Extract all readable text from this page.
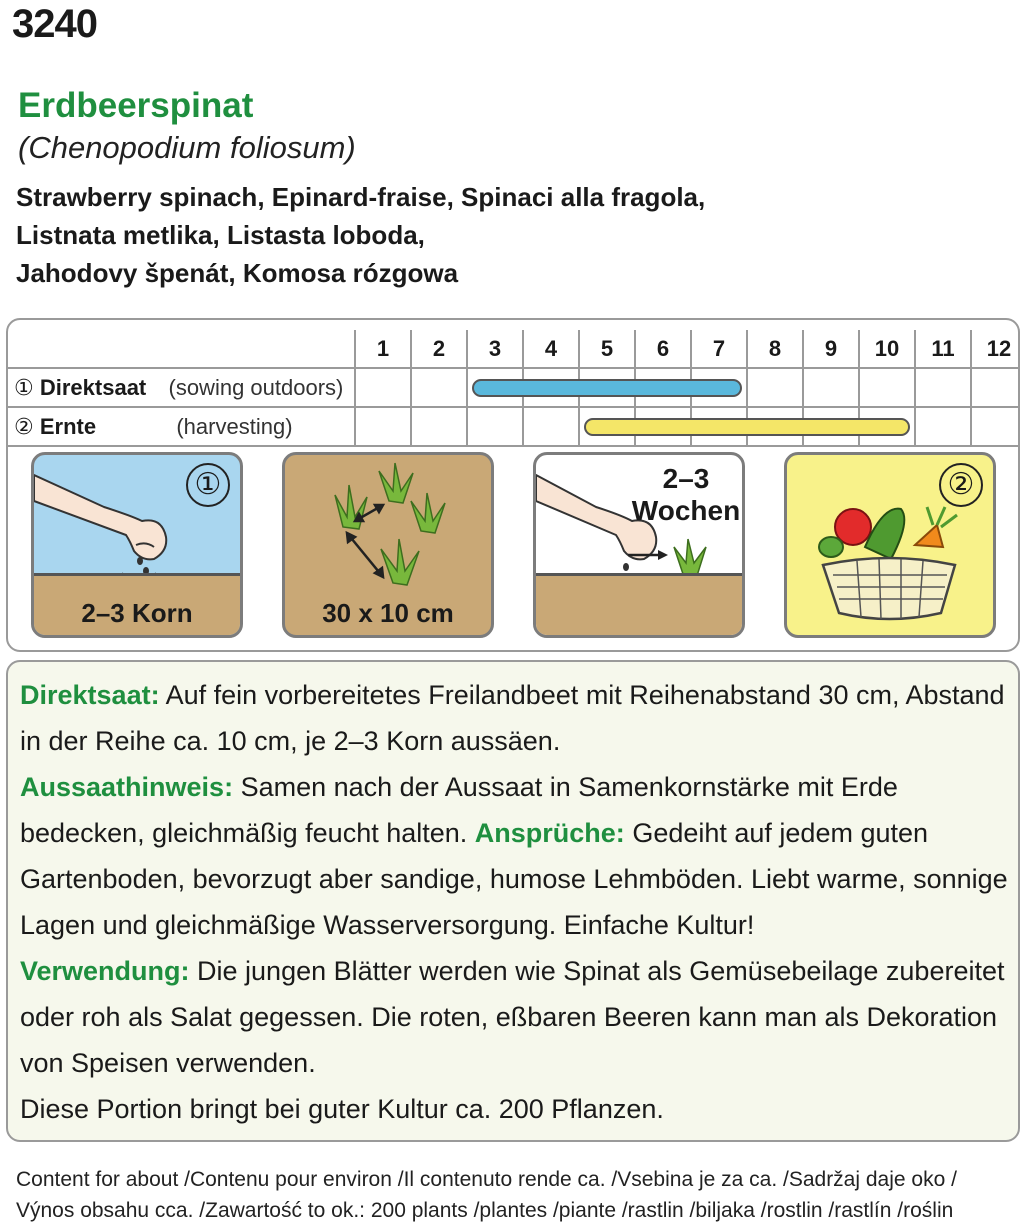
3240
Erdbeerspinat
(Chenopodium foliosum)
Strawberry spinach, Epinard-fraise, Spinaci alla fragola,
Listnata metlika, Listasta loboda,
Jahodovy špenát, Komosa rózgowa
1	2	3	4	5	6	7	8	9	10	11	12
① Direktsaat (sowing outdoors)
② Ernte	(harvesting)
①
2–3 Korn	30 x 10 cm
2–3
Wochen
②
Direktsaat: Auf fein vorbereitetes Freilandbeet mit Reihenabstand 30 cm, Abstand in der Reihe ca. 10 cm, je 2–3 Korn aussäen.
Aussaathinweis: Samen nach der Aussaat in Samenkornstärke mit Erde bedecken, gleichmäßig feucht halten. Ansprüche: Gedeiht auf jedem guten Gartenboden, bevorzugt aber sandige, humose Lehmböden. Liebt warme, sonnige Lagen und gleichmäßige Wasserversorgung. Einfache Kultur!
Verwendung: Die jungen Blätter werden wie Spinat als Gemüsebeilage zubereitet oder roh als Salat gegessen. Die roten, eßbaren Beeren kann man als Dekoration von Speisen verwenden.
Diese Portion bringt bei guter Kultur ca. 200 Pflanzen.
Content for about /Contenu pour environ /Il contenuto rende ca. /Vsebina je za ca. /Sadržaj daje oko /
Výnos obsahu cca. /Zawartość to ok.: 200 plants /plantes /piante /rastlin /biljaka /rostlin /rastlín /roślin
